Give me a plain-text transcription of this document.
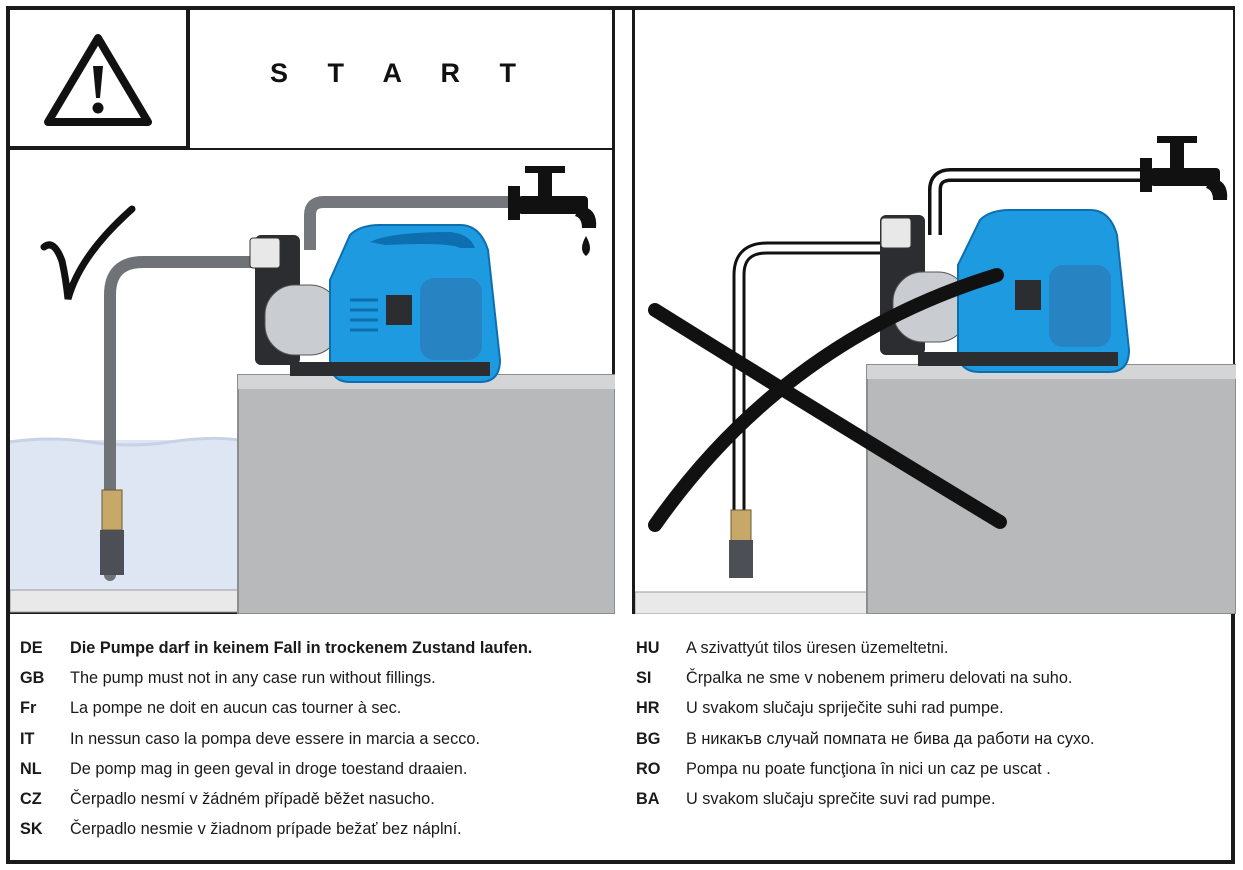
S T A R T
DE	Die Pumpe darf in keinem Fall in trockenem Zustand laufen.
GB	The pump must not in any case run without fillings.
Fr	La pompe ne doit en aucun cas tourner à sec.
IT	In nessun caso la pompa deve essere in marcia a secco.
NL	De pomp mag in geen geval in droge toestand draaien.
CZ	Čerpadlo nesmí v žádném případě běžet nasucho.
SK	Čerpadlo nesmie v žiadnom prípade bežať bez náplní.
HU	A szivattyút tilos üresen üzemeltetni.
SI	Črpalka ne sme v nobenem primeru delovati na suho.
HR	U svakom slučaju spriječite suhi rad pumpe.
BG	В никакъв случай помпата не бива да работи на сухо.
RO	Pompa nu poate funcţiona în nici un caz pe uscat .
BA	U svakom slučaju sprečite suvi rad pumpe.
